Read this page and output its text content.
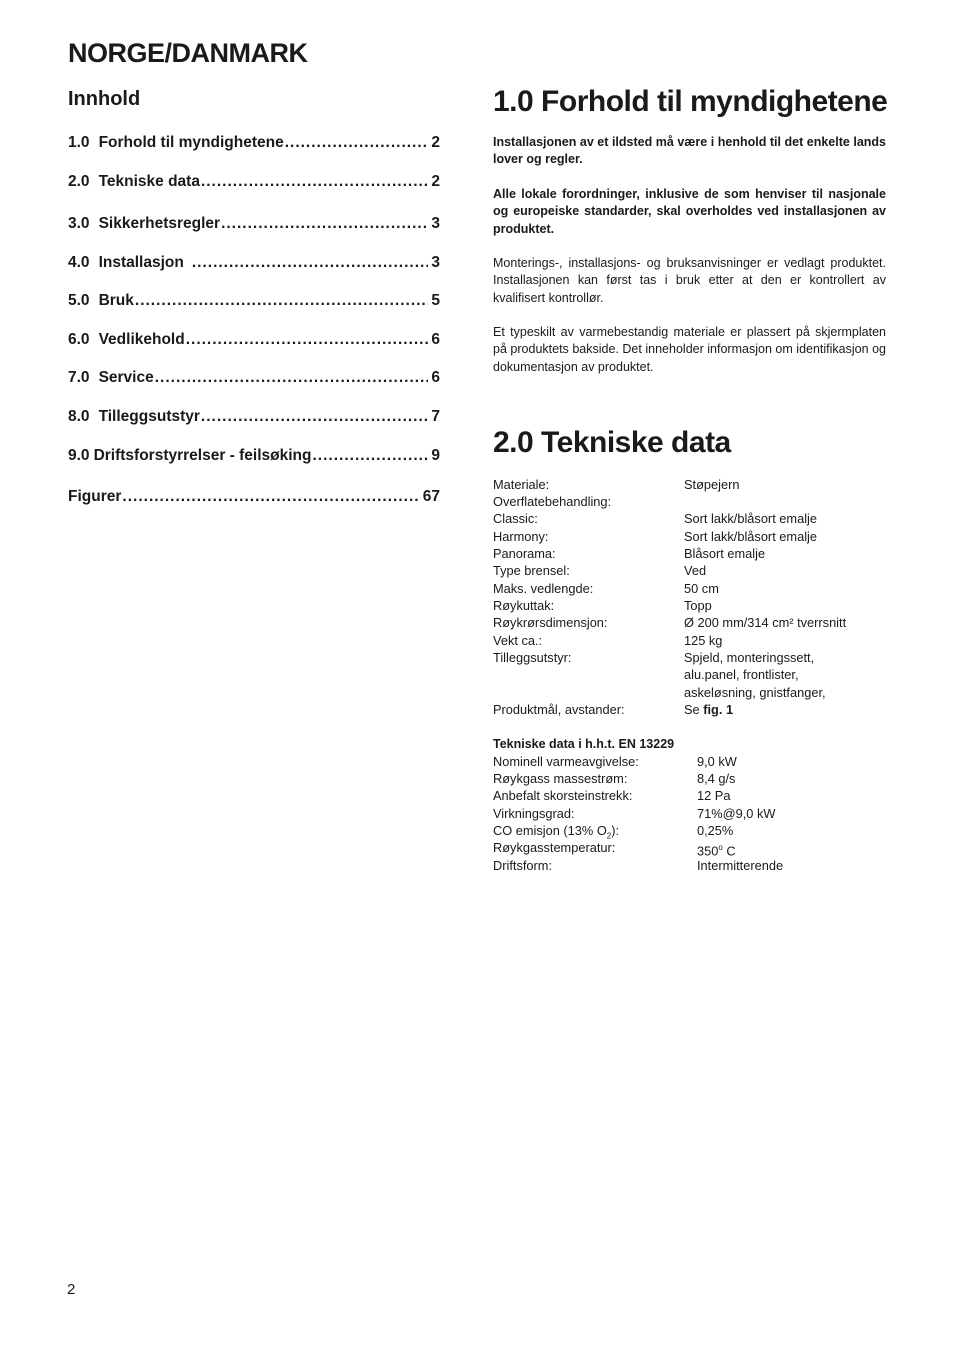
NORGE/DANMARK
Innhold
1.0 Forhold til myndighetene .....	2
2.0 Tekniske data .....	2
3.0 Sikkerhetsregler .....	3
4.0 Installasjon .....	3
5.0 Bruk .....	5
6.0 Vedlikehold .....	6
7.0 Service .....	6
8.0 Tilleggsutstyr .....	7
9.0 Driftsforstyrrelser - feilsøking .....	9
Figurer .....	67
1.0 Forhold til myndighetene

Installasjonen av et ildsted må være i henhold til det enkelte lands lover og regler.

Alle lokale forordninger, inklusive de som henviser til nasjonale og europeiske standarder, skal overholdes ved installasjonen av produktet.

Monterings-, installasjons- og bruksanvisninger er vedlagt produktet. Installasjonen kan først tas i bruk etter at den er kontrollert av kvalifisert kontrollør.

Et typeskilt av varmebestandig materiale er plassert på skjermplaten på produktets bakside. Det inneholder informasjon om identifikasjon og dokumentasjon av produktet.

2.0 Tekniske data
Materiale:	Støpejern
Overflatebehandling:
Classic:	Sort lakk/blåsort emalje
Harmony:	Sort lakk/blåsort emalje
Panorama:	Blåsort emalje
Type brensel:	Ved
Maks. vedlengde:	50 cm
Røykuttak:	Topp
Røykrørsdimensjon:	Ø 200 mm/314 cm² tverrsnitt
Vekt ca.:	125 kg
Tilleggsutstyr:	Spjeld, monteringssett, alu.panel, frontlister, askeløsning, gnistfanger,
Produktmål, avstander:	Se fig. 1

Tekniske data i h.h.t. EN 13229

Nominell varmeavgivelse:	9,0 kW
Røykgass massestrøm:	8,4 g/s
Anbefalt skorsteinstrekk:	12 Pa
Virkningsgrad:	71%@9,0 kW
CO emisjon (13% $O_2$):	0,25%
Røykgasstemperatur:	350$^o$ C
Driftsform:	Intermitterende
2
